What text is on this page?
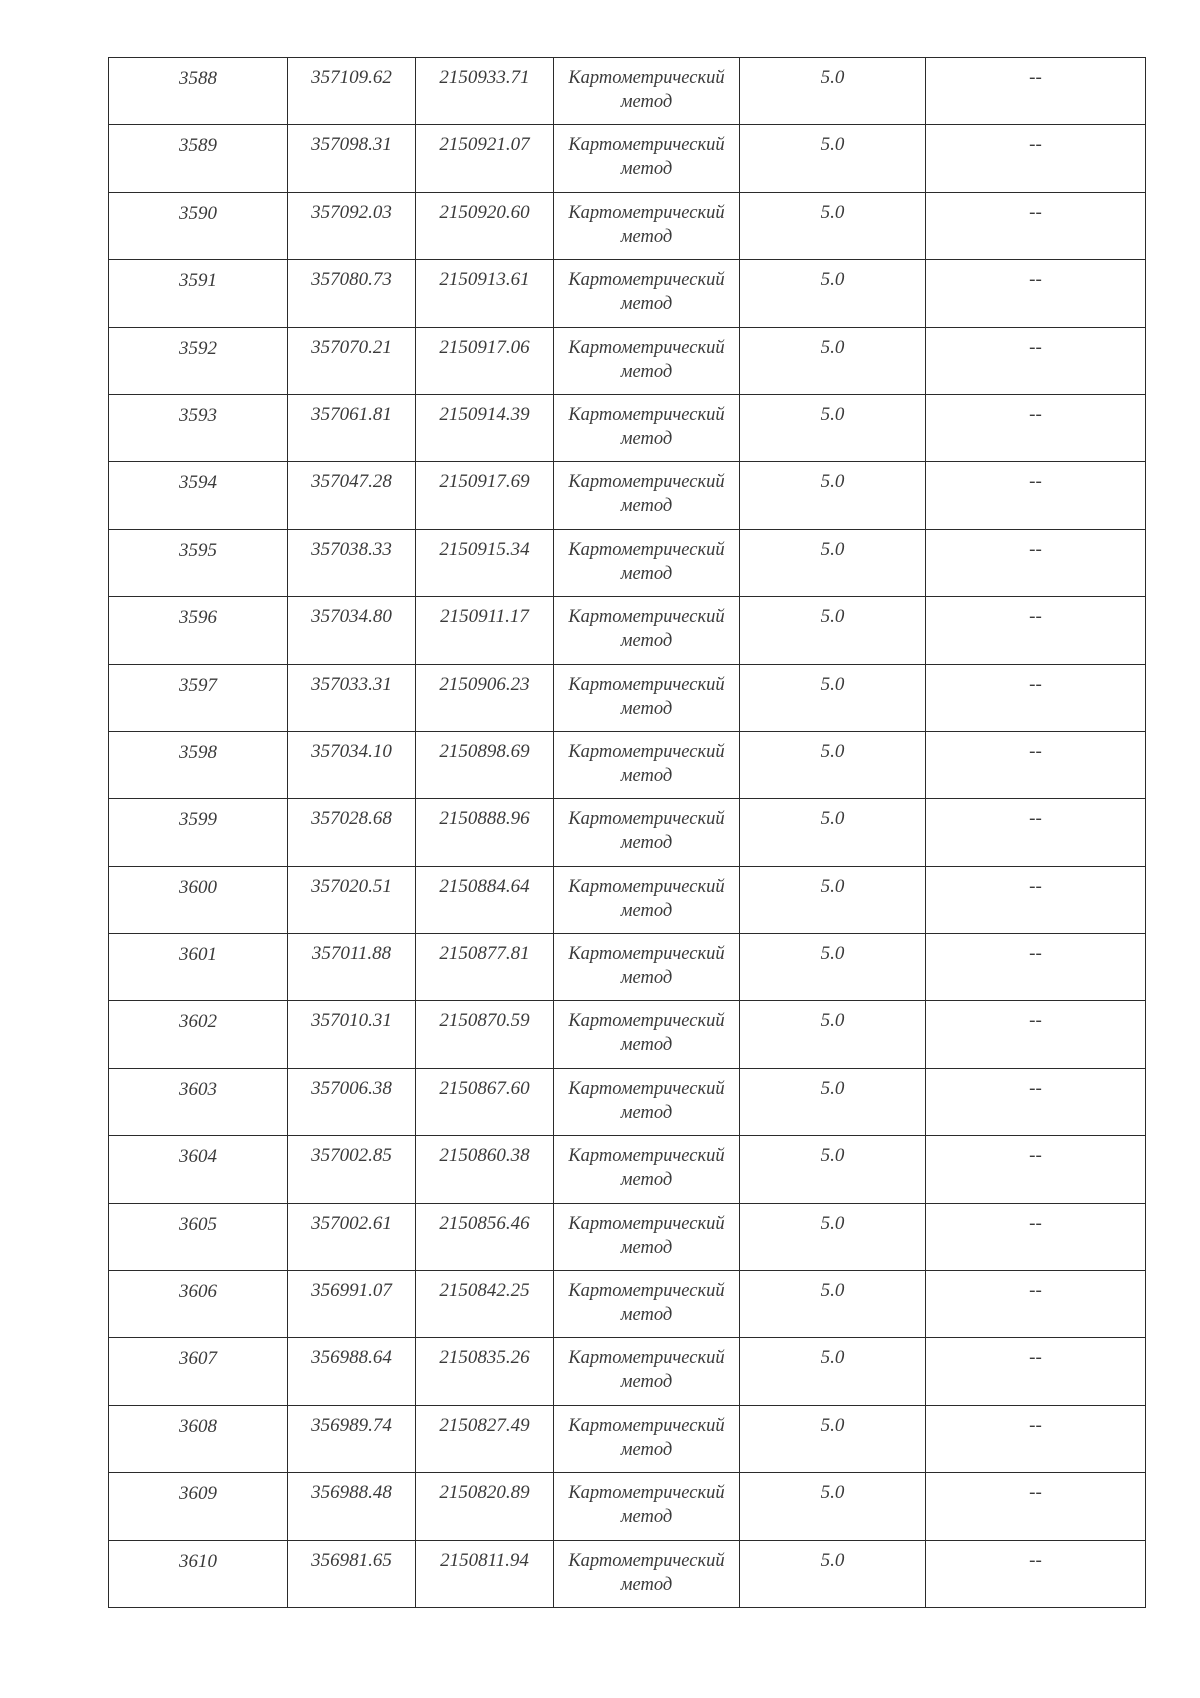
3588	357109.62	2150933.71	Картометрический метод	5.0	--
3589	357098.31	2150921.07	Картометрический метод	5.0	--
3590	357092.03	2150920.60	Картометрический метод	5.0	--
3591	357080.73	2150913.61	Картометрический метод	5.0	--
3592	357070.21	2150917.06	Картометрический метод	5.0	--
3593	357061.81	2150914.39	Картометрический метод	5.0	--
3594	357047.28	2150917.69	Картометрический метод	5.0	--
3595	357038.33	2150915.34	Картометрический метод	5.0	--
3596	357034.80	2150911.17	Картометрический метод	5.0	--
3597	357033.31	2150906.23	Картометрический метод	5.0	--
3598	357034.10	2150898.69	Картометрический метод	5.0	--
3599	357028.68	2150888.96	Картометрический метод	5.0	--
3600	357020.51	2150884.64	Картометрический метод	5.0	--
3601	357011.88	2150877.81	Картометрический метод	5.0	--
3602	357010.31	2150870.59	Картометрический метод	5.0	--
3603	357006.38	2150867.60	Картометрический метод	5.0	--
3604	357002.85	2150860.38	Картометрический метод	5.0	--
3605	357002.61	2150856.46	Картометрический метод	5.0	--
3606	356991.07	2150842.25	Картометрический метод	5.0	--
3607	356988.64	2150835.26	Картометрический метод	5.0	--
3608	356989.74	2150827.49	Картометрический метод	5.0	--
3609	356988.48	2150820.89	Картометрический метод	5.0	--
3610	356981.65	2150811.94	Картометрический метод	5.0	--
